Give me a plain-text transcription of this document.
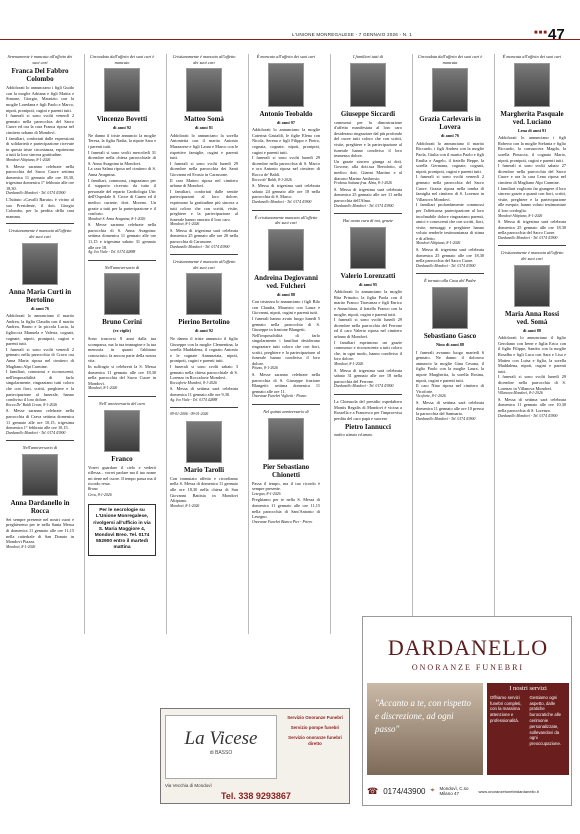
L'UNIONE MONREGALESE - 7 GENNAIO 2026 - N. 1	■■■ 47
Serenamente è mancata all'affetto dei suoi cari
Franca Del Fabbro Colombo
Addolorati lo annunciano i figli Guido con la moglie Adriana e figli Mattia e Simone, Giorgio, Maurizio con la moglie Loredana e figli Paolo e Marco, nipoti, pronipoti, cugini e parenti tutti.
I funerali si sono svolti venerdì 2 gennaio nella parrocchia del Sacro Cuore ed ora la cara Franca riposa nel cimitero urbano di Mondovì.
I familiari, confortati dalle espressioni di solidarietà e partecipazione ricevute in questa triste circostanza, esprimono a tutti la loro sincera gratitudine.
Mondovì Altipiano, 8-1-2026
S. Messe saranno celebrate nella parrocchia del Sacro Cuore settima domenica 11 gennaio alle ore 18,30, trigesima domenica 1° febbraio alle ore 18,30.
Dardanello Mondovì - Tel. 0174 43900
L'Istituto «Cavalli Baruto» è vicino al suo Presidente, il dott. Giorgio Colombo, per la perdita della cara mamma.
Cristianamente è mancata all'affetto dei suoi cari
Anna Maria Curti in Bertolino
di anni 76
Addolorati lo annunciano il marito Andrea, la figlia Claudia con il marito Andrea, Bruno e la piccola Lucia, la figlioccia Manuela e Valeria, cognati, cognate, nipoti, pronipoti, cugini e parenti tutti.
I funerali si sono svolti venerdì 2 gennaio nella parrocchia di Crava ora Anna Maria riposa nel cimitero di Magliano Alpi Carmine.
I familiari, commossi e riconoscenti, nell'impossibilità di farlo singolarmente, ringraziano tutti coloro che con fiori, scritti, preghiere e la partecipazione al funerale, hanno condiviso il loro dolore.
Rocca De' Baldi Crava, 8-1-2026
S. Messe saranno celebrate nella parrocchia di Crava settima domenica 11 gennaio alle ore 10,15, trigesima domenica 1° febbraio alle ore 10,15.
Dardanello Mondovì - Tel. 0174 43900
Nell'anniversario di
Anna Dardanello in Rocca
Sei sempre presente nel nostri cuori e preghieremo per te nella Santa Messa di domenica 11 gennaio alle ore 11,15 nella cattedrale di San Donato in Mondovì Piazza.
Mondovì, 8-1-2026
Circondato dall'affetto dei suoi cari è mancato
Vincenzo Bovetti
di anni 92
Ne danno il triste annuncio la moglie Teresa, la figlia Nadia, la nipote Sara e i parenti tutti.
I funerali si sono svolti mercoledì 31 dicembre nella chiesa parrocchiale di S. Anna Avagnina in Mondovì.
La cara Salma riposa nel cimitero di S. Anna Avagnina.
I familiari, commossi, ringraziano per il supporto ricevuto da tutto il personale del reparto Cardiologia Utic dell'Ospedale S. Croce di Cuneo ed il medico curante, dott. Moreno. Un grazie a tutti per la partecipazione e il conforto.
Mondovì S. Anna Avagnina, 8-1-2026
S. Messe saranno celebrate nella parrocchia di S. Anna Avagnina: settima domenica 11 gennaio alle ore 11,15 e trigesima sabato 31 gennaio alle ore 18.
Ag. Ivo Viale - Tel. 0174 42888
Nell'anniversario di
Bruno Cerini
(ex vigile)
Sono trascorsi 8 anni dalla tua scomparsa, ma la tua immagine e la tua memoria in quanti l'abbiano conosciuto, fa ancora parte della nostra vita.
In suffragio si celebrerà la S. Messa domenica 11 gennaio alle ore 18,30 nella parrocchia del Sacro Cuore in Mondovì.
Mondovì, 8-1-2026
Nell' anniversario del caro
Franco
Vorrei guardare il cielo e vederti riflessa... vorrei parlare ma il tuo nome mi tiene nel cuore. Il tempo passa ma il ricordo resta.
Bruna
Ceva, 8-1-2026
Per le necrologie su L'Unione Monregalese, rivolgersi all'ufficio in via S. Maria Maggiore 4, Mondovì Breo. Tel. 0174 552900 entro il martedì mattina
Cristianamente è mancato all'affetto dei suoi cari
Matteo Somà
di anni 81
Addolorati lo annunciano la sorella Antonietta con il marito Antonio Mazzarese e figli Laura e Marco con le rispettive famiglie, cugini e parenti tutti.
I funerali si sono svolti lunedì 29 dicembre nella parrocchia dei Santi Giovanni ed Evasio in Carassone.
Il caro Matteo riposa nel cimitero urbano di Mondovì.
I familiari, confortati dalle sentite partecipazioni al loro dolore, esprimono la gratitudine più sincera a tutti coloro che con scritti, visite, preghiere e la partecipazione al funerale hanno onorato il loro caro.
Mondovì, 8-1-2026
S. Messa di trigesima sarà celebrata domenica 25 gennaio alle ore 20 nella parrocchia di Carassone.
Dardanello Mondovì - Tel. 0174 43900
Cristianamente è mancato all'affetto dei suoi cari
Pierino Bertolino
di anni 92
Ne danno il triste annuncio il figlio Giuseppe con la moglie Clementina, la sorella Maddalena, il cognato Antonio e le cognate Annunziata, nipoti, pronipoti, cugini e parenti tutti.
I funerali si sono svolti sabato 3 gennaio nella chiesa parrocchiale di S. Lorenzo in Roccaforte Mondovì.
Roccaforte Mondovì, 8-1-2026
S. Messa di settima sarà celebrata domenica 11 gennaio alle ore 9,30.
Ag. Ivo Viale - Tel. 0174 42888
09-01-2006 · 09-01-2026
Mario Tarolli
Con immutato affetto e ricordiamo nella S. Messa di domenica 11 gennaio alle ore 18,30 nella chiesa di San Giovanni Battista in Mondovì Altipiano.
Mondovì, 8-1-2026
È mancato all'affetto dei suoi cari
Antonio Teobaldo
di anni 97
Addolorati lo annunciano la moglie Caterina Gastaldi, le figlie Elena con Nicola, Serena e figli Filippo e Pietro, cognata, cognate, nipoti, pronipoti, cugini e parenti tutti.
I funerali si sono svolti lunedì 29 dicembre nella parrocchia di S. Marco e ora Antonio riposa nel cimitero di Rocca de' Baldi.
Rocca de' Baldi, 8-1-2026
S. Messa di trigesima sarà celebrata sabato 24 gennaio alle ore 18 nella parrocchia di S. Marco.
Dardanello Mondovì - Tel. 0174 43900
È cristianamente mancato all'affetto dei suoi cari
Andreina Degiovanni ved. Fulcheri
di anni 88
Con tristezza lo annunciano i figli Bilo con Claudia, Maurizio con Laura e Giovanni, nipoti, cugini e parenti tutti.
I funerali hanno avuto luogo lunedì 5 gennaio nella parrocchia di S. Giuseppe in frazione Blangetti.
Nell'impossibilità di farlo singolarmente i familiari desiderano ringraziare tutti coloro che con fiori, scritti, preghiere e la partecipazione al funerale hanno condiviso il loro dolore.
Piozzo, 8-1-2026
S. Messe saranno celebrate nella parrocchia di S. Giuseppe frazione Blangetti: settima domenica 11 gennaio alle ore 11.
Onoranze Funebri Viglietti - Piozzo
Nel quinto anniversario di
Pier Sebastiano Chionetti
Passa il tempo, ma il tuo ricordo è sempre presente.
Lesegno, 8-1-2026
Preghiamo per te nella S. Messa di domenica 11 gennaio alle ore 11,15 nella parrocchia di Sant'Antonio di Lesegno.
Onoranze Funebri Bianco Pier - Priero
I familiari tutti di
Giuseppe Siccardi
commossi per la dimostrazione d'affetto manifestata al loro caro desiderano ringraziare dal più profondo del cuore tutti coloro che con scritti, visite, preghiere e la partecipazione al funerale hanno condiviso il loro immenso dolore.
Un grazie sincero giunga ai dott. Govone, alla dott.ssa Bertolotto, al medico dott. Gianni Martino e al diacono Marino Ambrosio.
Frabosa Sottana fraz. Alma, 8-1-2026
S. Messa di trigesima sarà celebrata domenica 25 gennaio alle ore 11 nella parrocchia dell'Alma.
Dardanello Mondovì - Tel. 0174 43900
Hai avuto cura di noi, grazie
Valerio Lorenzatti
di anni 95
Addolorati lo annunciano la moglie Rita Prinotto, la figlia Paola con il marito Franco Tiravanza e figli Enrico e Annachiara, il fratello Franco con la moglie, nipoti, cugini e parenti tutti.
I funerali si sono svolti lunedì 29 dicembre nella parrocchia del Ferrone ed il caro Valerio riposa nel cimitero urbano di Mondovì.
I familiari esprimono un grazie commosso e riconoscente a tutti coloro che, in ogni modo, hanno condiviso il loro dolore.
Mondovì, 8-1-2026
S. Messa di trigesima sarà celebrata sabato 31 gennaio alle ore 18 nella parrocchia del Ferrone.
Dardanello Mondovì - Tel. 0174 43900
La Chiesuola del presidio ospedaliero Montis Regalis di Mondovì è vicina a Rossella e a Francesco per l'improvvisa perdita del caro papà e suocero
Pietro Iannucci
medico stimato ed amato.
Circondata dall'affetto dei suoi cari è mancata
Grazia Carlevaris in Lovera
di anni 76
Addolorati lo annunciano il marito Riccardo, i figli Andrea con la moglie Paola, Giulia con il marito Paolo e figli Emilia e Angelo, il fratello Beppe, la sorella Germana, cognate, cognati, nipoti, pronipoti, cugini e parenti tutti.
I funerali si sono svolti venerdì 2 gennaio nella parrocchia del Sacro Cuore. Grazia riposa nella tomba di famiglia nel cimitero di S. Lorenzo in Villanova Mondovì.
I familiari profondamente commossi per l'affettuosa partecipazione al loro incolmabile dolore ringraziano parenti, amici e conoscenti che con scritti, fiori, visite, messaggi e preghiere hanno voluto renderle testimonianza di stima e di affetto.
Mondovì Altipiano, 8-1-2026
S. Messa di trigesima sarà celebrata domenica 25 gennaio alle ore 18,30 nella parrocchia del Sacro Cuore.
Dardanello Mondovì - Tel. 0174 43900
È tornato alla Casa del Padre
Sebastiano Gasco
Nino di anni 88
I funerali avranno luogo martedì 6 gennaio. Ne danno il doloroso annuncio la moglie Gina Cesana, il figlio Paolo con la moglie Laura, la nipote Margherita, la sorella Rosina, nipoti, cugini e parenti tutti.
Il caro Nino riposa nel cimitero di Vicoforte.
Vicoforte, 8-1-2026
S. Messa di settima sarà celebrata domenica 11 gennaio alle ore 10 presso la parrocchia del Santuario.
Dardanello Mondovì - Tel. 0174 43900
È mancata all'affetto dei suoi cari
Margherita Pasquale ved. Luciano
Lena di anni 91
Addolorati lo annunciano i figli Roberto con la moglie Stefania e figlio Riccardo, la consuocera Magda, la sorella Pinuccia, il cognato Mario, nipoti, pronipoti, cugini e parenti tutti.
I funerali si sono svolti sabato 27 dicembre nella parrocchia del Sacro Cuore e ora la cara Lena riposa nel cimitero di Magliano Alpi Carmine.
I familiari vogliono far giungere il loro sincero grazie a quanti con fiori, scritti, visite, preghiere e la partecipazione alle esequie, hanno voluto testimoniare il loro cordoglio.
Mondovì Altipiano, 8-1-2026
S. Messa di trigesima sarà celebrata domenica 25 gennaio alle ore 18,30 nella parrocchia del Sacro Cuore.
Dardanello Mondovì - Tel. 0174 43900
Cristianamente è mancata all'affetto dei suoi cari
Maria Anna Rossi ved. Somà
di anni 88
Addolorati lo annunciano il figlio Gerolamo con Irene e figlia Erica con il figlio Filippo, Sandro con la moglie Rosalba e figli Luca con Sara e Lisa e Matteo con Luisa e figlia, la sorella Maddalena, nipoti, cugini e parenti tutti.
I funerali si sono svolti lunedì 29 dicembre nella parrocchia di S. Lorenzo in Villanova Mondovì.
Villanova Mondovì, 8-1-2026
S. Messa di settima sarà celebrata domenica 11 gennaio alle ore 10,30 nella parrocchia di S. Lorenzo.
Dardanello Mondovì - Tel. 0174 43900
La Vicese
di BASSO
Servizio Onoranze Funebri
Servizio pompe funebri
Servizio onoranze funebri diretto
Via Vecchia di Mondovì
Tel. 338 9293867
DARDANELLO
ONORANZE FUNEBRI
"Accanto a te, con rispetto e discrezione, ad ogni passo"
I nostri servizi
Offriamo servizi funebri completi, con la massima attenzione e professionalità.
Gestiamo ogni aspetto, dalle pratiche burocratiche alle cerimonie personalizzate, sollevandovi da ogni preoccupazione.
☎ 0174/43900 ⌖ Mondovì, C.so Milano 47	www.onoranzefunebridardanello.it
